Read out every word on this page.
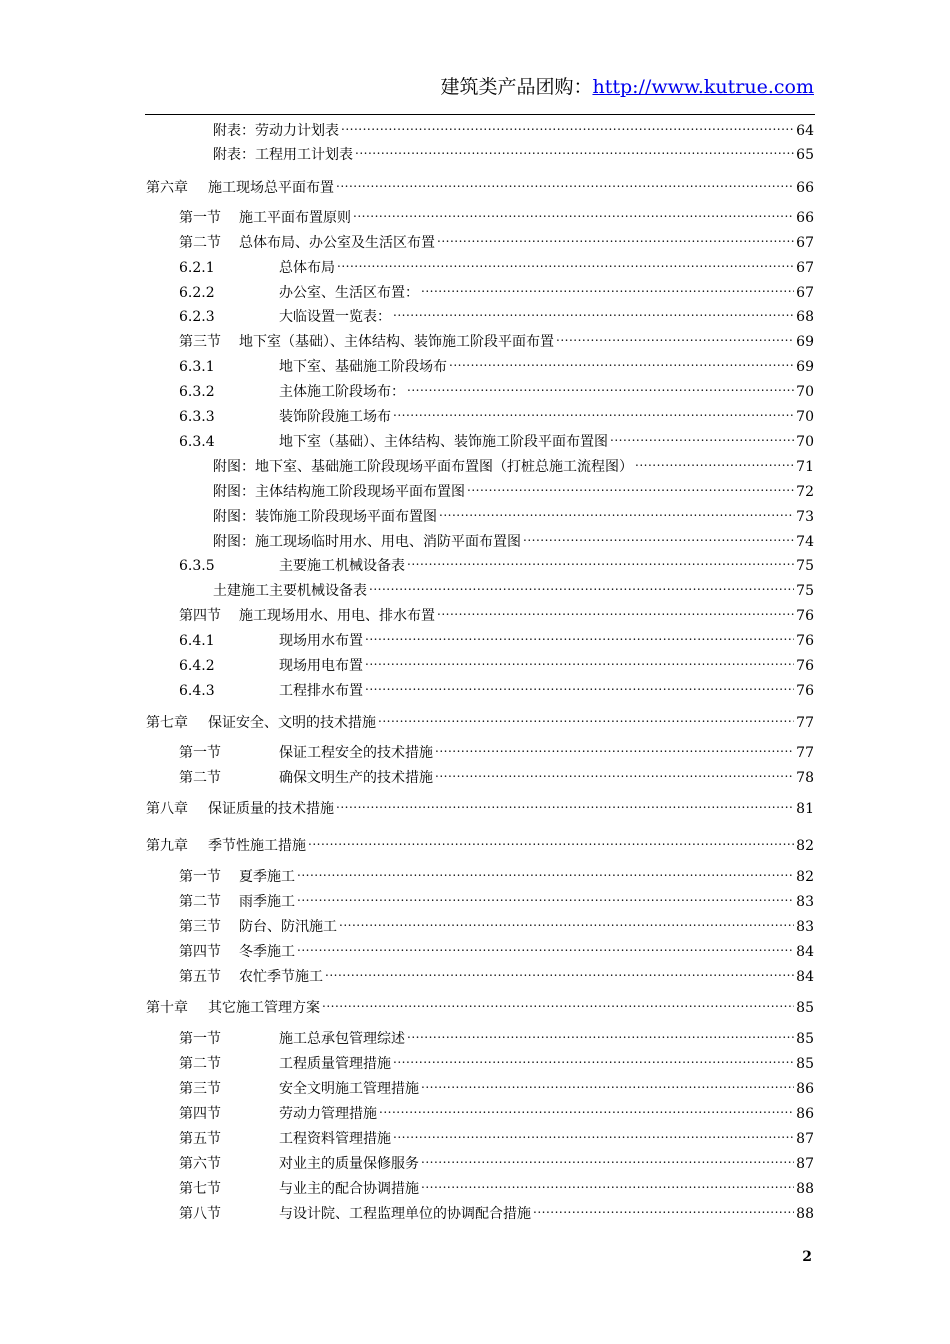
建筑类产品团购：http://www.kutrue.com
附表：劳动力计划表 .....	64
附表：工程用工计划表 .....	65
第六章	施工现场总平面布置 .....	66
第一节	施工平面布置原则 .....	66
第二节	总体布局、办公室及生活区布置 .....	67
6.2.1	总体布局 .....	67
6.2.2	办公室、生活区布置： .....	67
6.2.3	大临设置一览表： .....	68
第三节	地下室（基础）、主体结构、装饰施工阶段平面布置 .....	69
6.3.1	地下室、基础施工阶段场布 .....	69
6.3.2	主体施工阶段场布： .....	70
6.3.3	装饰阶段施工场布 .....	70
6.3.4	地下室（基础）、主体结构、装饰施工阶段平面布置图 .....	70
附图：地下室、基础施工阶段现场平面布置图（打桩总施工流程图） .....	71
附图：主体结构施工阶段现场平面布置图 .....	72
附图：装饰施工阶段现场平面布置图 .....	73
附图：施工现场临时用水、用电、消防平面布置图 .....	74
6.3.5	主要施工机械设备表 .....	75
土建施工主要机械设备表 .....	75
第四节	施工现场用水、用电、排水布置 .....	76
6.4.1	现场用水布置 .....	76
6.4.2	现场用电布置 .....	76
6.4.3	工程排水布置 .....	76
第七章	保证安全、文明的技术措施 .....	77
第一节	保证工程安全的技术措施 .....	77
第二节	确保文明生产的技术措施 .....	78
第八章	保证质量的技术措施 .....	81
第九章	季节性施工措施 .....	82
第一节	夏季施工 .....	82
第二节	雨季施工 .....	83
第三节	防台、防汛施工 .....	83
第四节	冬季施工 .....	84
第五节	农忙季节施工 .....	84
第十章	其它施工管理方案 .....	85
第一节	施工总承包管理综述 .....	85
第二节	工程质量管理措施 .....	85
第三节	安全文明施工管理措施 .....	86
第四节	劳动力管理措施 .....	86
第五节	工程资料管理措施 .....	87
第六节	对业主的质量保修服务 .....	87
第七节	与业主的配合协调措施 .....	88
第八节	与设计院、工程监理单位的协调配合措施 .....	88
2
